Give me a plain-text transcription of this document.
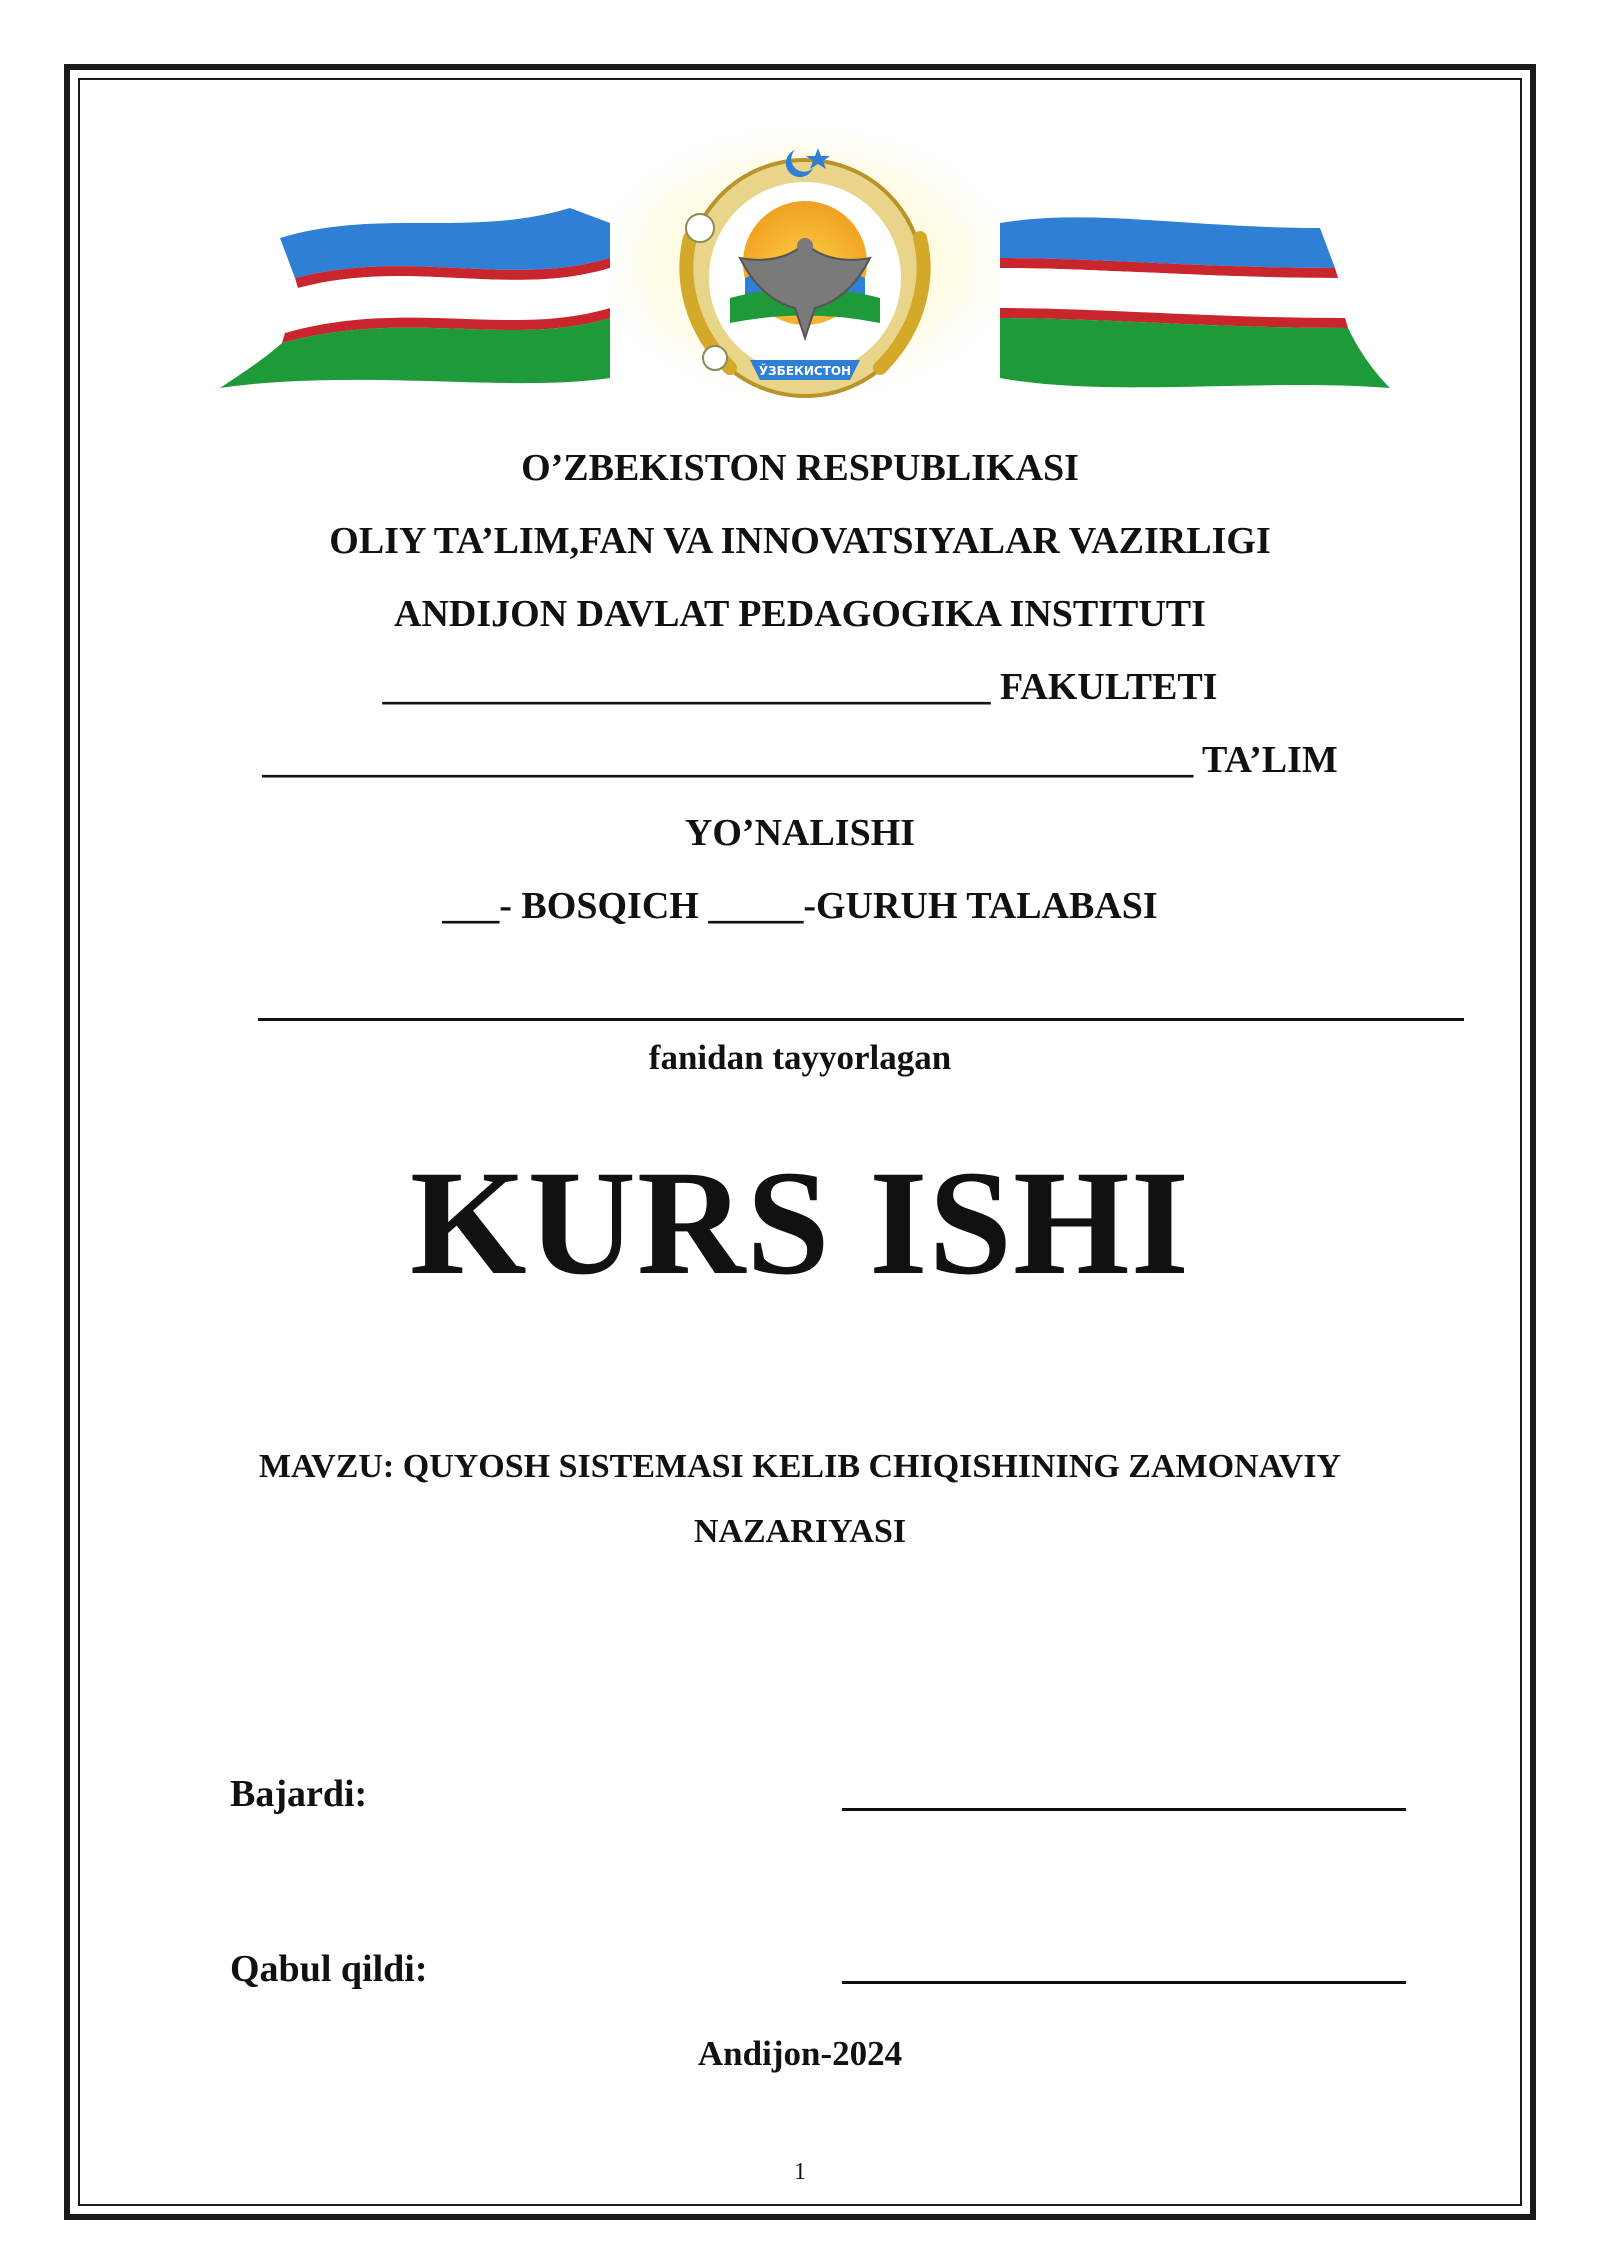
ЎЗБЕКИСТОН
O’ZBEKISTON RESPUBLIKASI
OLIY TA’LIM,FAN VA INNOVATSIYALAR VAZIRLIGI
ANDIJON DAVLAT PEDAGOGIKA INSTITUTI
________________________________ FAKULTETI
_________________________________________________ TA’LIM
YO’NALISHI
___- BOSQICH _____-GURUH TALABASI
fanidan tayyorlagan
KURS ISHI
MAVZU: QUYOSH SISTEMASI KELIB CHIQISHINING ZAMONAVIY
NAZARIYASI
Bajardi:
Qabul qildi:
Andijon-2024
1
